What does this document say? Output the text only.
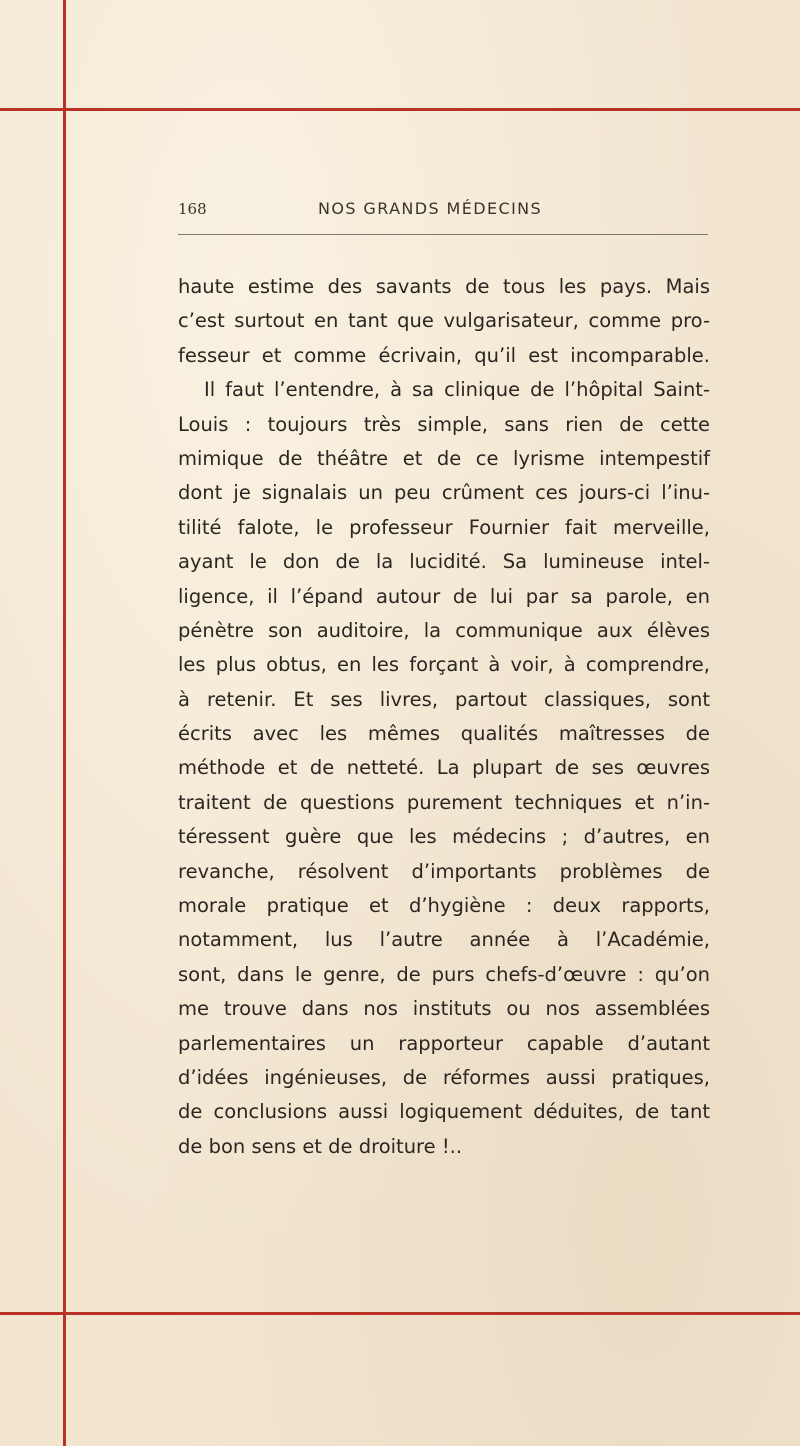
168	NOS GRANDS MÉDECINS
haute estime des savants de tous les pays. Mais
c’est surtout en tant que vulgarisateur, comme pro-
fesseur et comme écrivain, qu’il est incomparable.
Il faut l’entendre, à sa clinique de l’hôpital Saint-
Louis : toujours très simple, sans rien de cette
mimique de théâtre et de ce lyrisme intempestif
dont je signalais un peu crûment ces jours-ci l’inu-
tilité falote, le professeur Fournier fait merveille,
ayant le don de la lucidité. Sa lumineuse intel-
ligence, il l’épand autour de lui par sa parole, en
pénètre son auditoire, la communique aux élèves
les plus obtus, en les forçant à voir, à comprendre,
à retenir. Et ses livres, partout classiques, sont
écrits avec les mêmes qualités maîtresses de
méthode et de netteté. La plupart de ses œuvres
traitent de questions purement techniques et n’in-
téressent guère que les médecins ; d’autres, en
revanche, résolvent d’importants problèmes de
morale pratique et d’hygiène : deux rapports,
notamment, lus l’autre année à l’Académie,
sont, dans le genre, de purs chefs-d’œuvre : qu’on
me trouve dans nos instituts ou nos assemblées
parlementaires un rapporteur capable d’autant
d’idées ingénieuses, de réformes aussi pratiques,
de conclusions aussi logiquement déduites, de tant
de bon sens et de droiture !..
